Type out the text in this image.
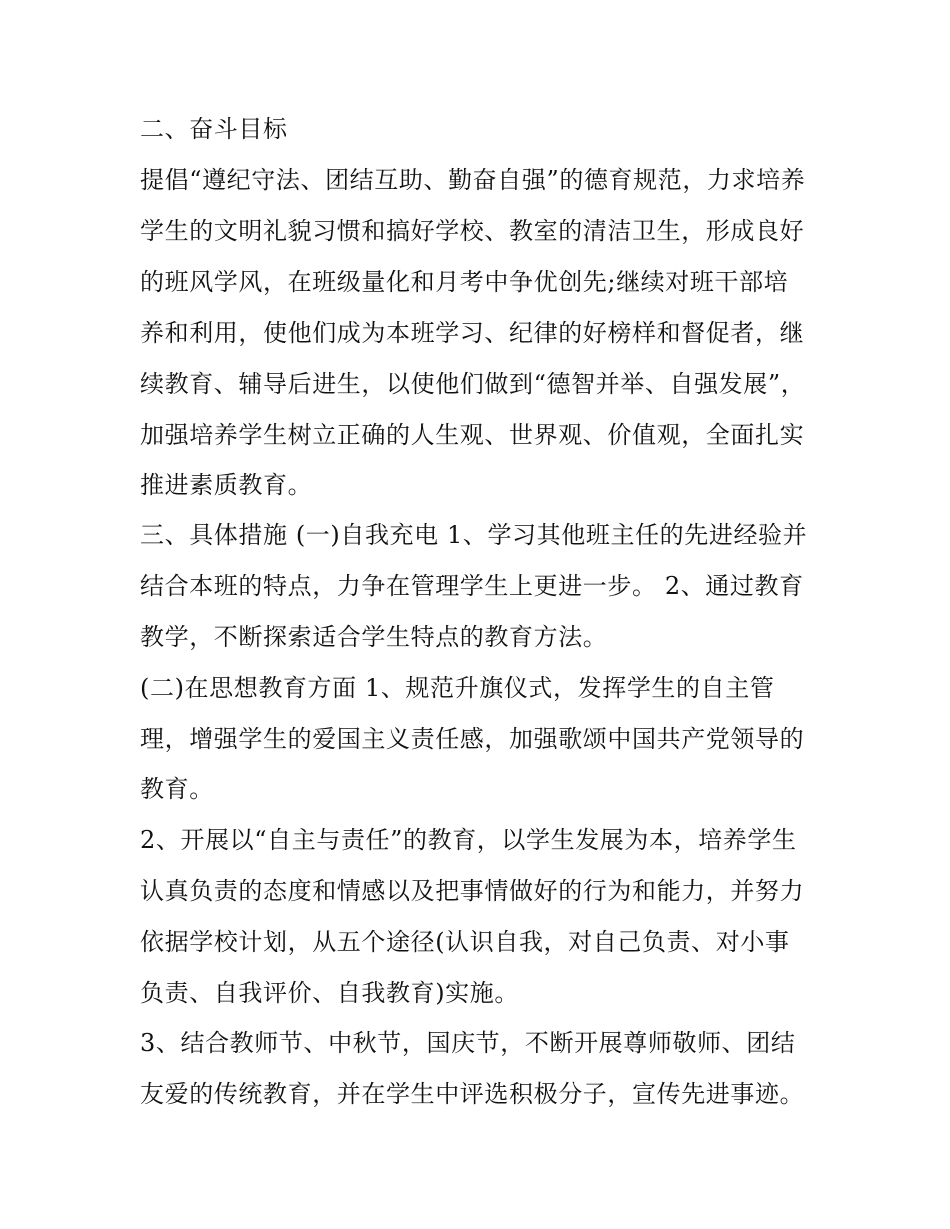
二、奋斗目标
提倡“遵纪守法、团结互助、勤奋自强”的德育规范，力求培养
学生的文明礼貌习惯和搞好学校、教室的清洁卫生，形成良好
的班风学风，在班级量化和月考中争优创先;继续对班干部培
养和利用，使他们成为本班学习、纪律的好榜样和督促者，继
续教育、辅导后进生，以使他们做到“德智并举、自强发展”，
加强培养学生树立正确的人生观、世界观、价值观，全面扎实
推进素质教育。
三、具体措施 (一)自我充电 1、学习其他班主任的先进经验并
结合本班的特点，力争在管理学生上更进一步。 2、通过教育
教学，不断探索适合学生特点的教育方法。
(二)在思想教育方面 1、规范升旗仪式，发挥学生的自主管
理，增强学生的爱国主义责任感，加强歌颂中国共产党领导的
教育。
2、开展以“自主与责任”的教育，以学生发展为本，培养学生
认真负责的态度和情感以及把事情做好的行为和能力，并努力
依据学校计划，从五个途径(认识自我，对自己负责、对小事
负责、自我评价、自我教育)实施。
3、结合教师节、中秋节，国庆节，不断开展尊师敬师、团结
友爱的传统教育，并在学生中评选积极分子，宣传先进事迹。
